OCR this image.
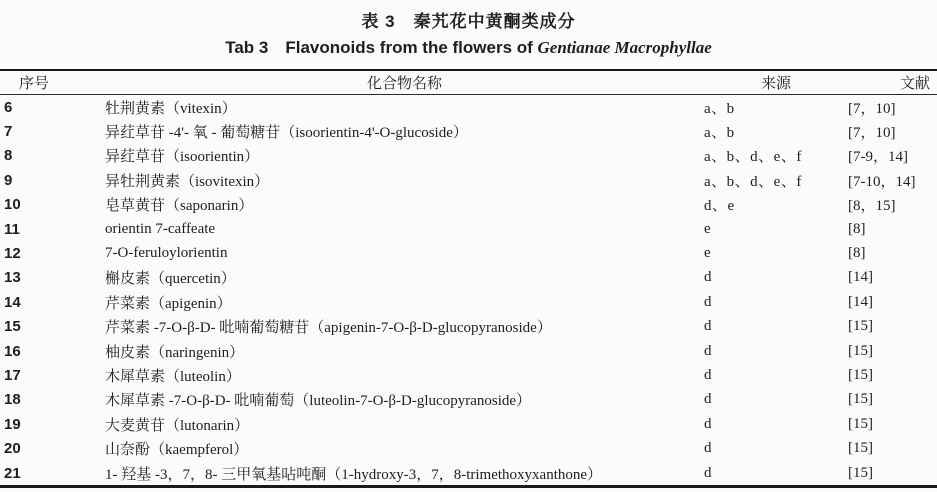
表 3　秦艽花中黄酮类成分
Tab 3　Flavonoids from the flowers of Gentianae Macrophyllae
序号	化合物名称	来源	文献
6	牡荆黄素（vitexin）	a、b	[7，10]
7	异荭草苷 -4'- 氧 - 葡萄糖苷（isoorientin-4'-O-glucoside）	a、b	[7，10]
8	异荭草苷（isoorientin）	a、b、d、e、f	[7-9，14]
9	异牡荆黄素（isovitexin）	a、b、d、e、f	[7-10，14]
10	皂草黄苷（saponarin）	d、e	[8，15]
11	orientin 7-caffeate	e	[8]
12	7-O-feruloylorientin	e	[8]
13	槲皮素（quercetin）	d	[14]
14	芹菜素（apigenin）	d	[14]
15	芹菜素 -7-O-β-D- 吡喃葡萄糖苷（apigenin-7-O-β-D-glucopyranoside）	d	[15]
16	柚皮素（naringenin）	d	[15]
17	木犀草素（luteolin）	d	[15]
18	木犀草素 -7-O-β-D- 吡喃葡萄（luteolin-7-O-β-D-glucopyranoside）	d	[15]
19	大麦黄苷（lutonarin）	d	[15]
20	山奈酚（kaempferol）	d	[15]
21	1- 羟基 -3，7，8- 三甲氧基呫吨酮（1-hydroxy-3，7，8-trimethoxyxanthone）	d	[15]
